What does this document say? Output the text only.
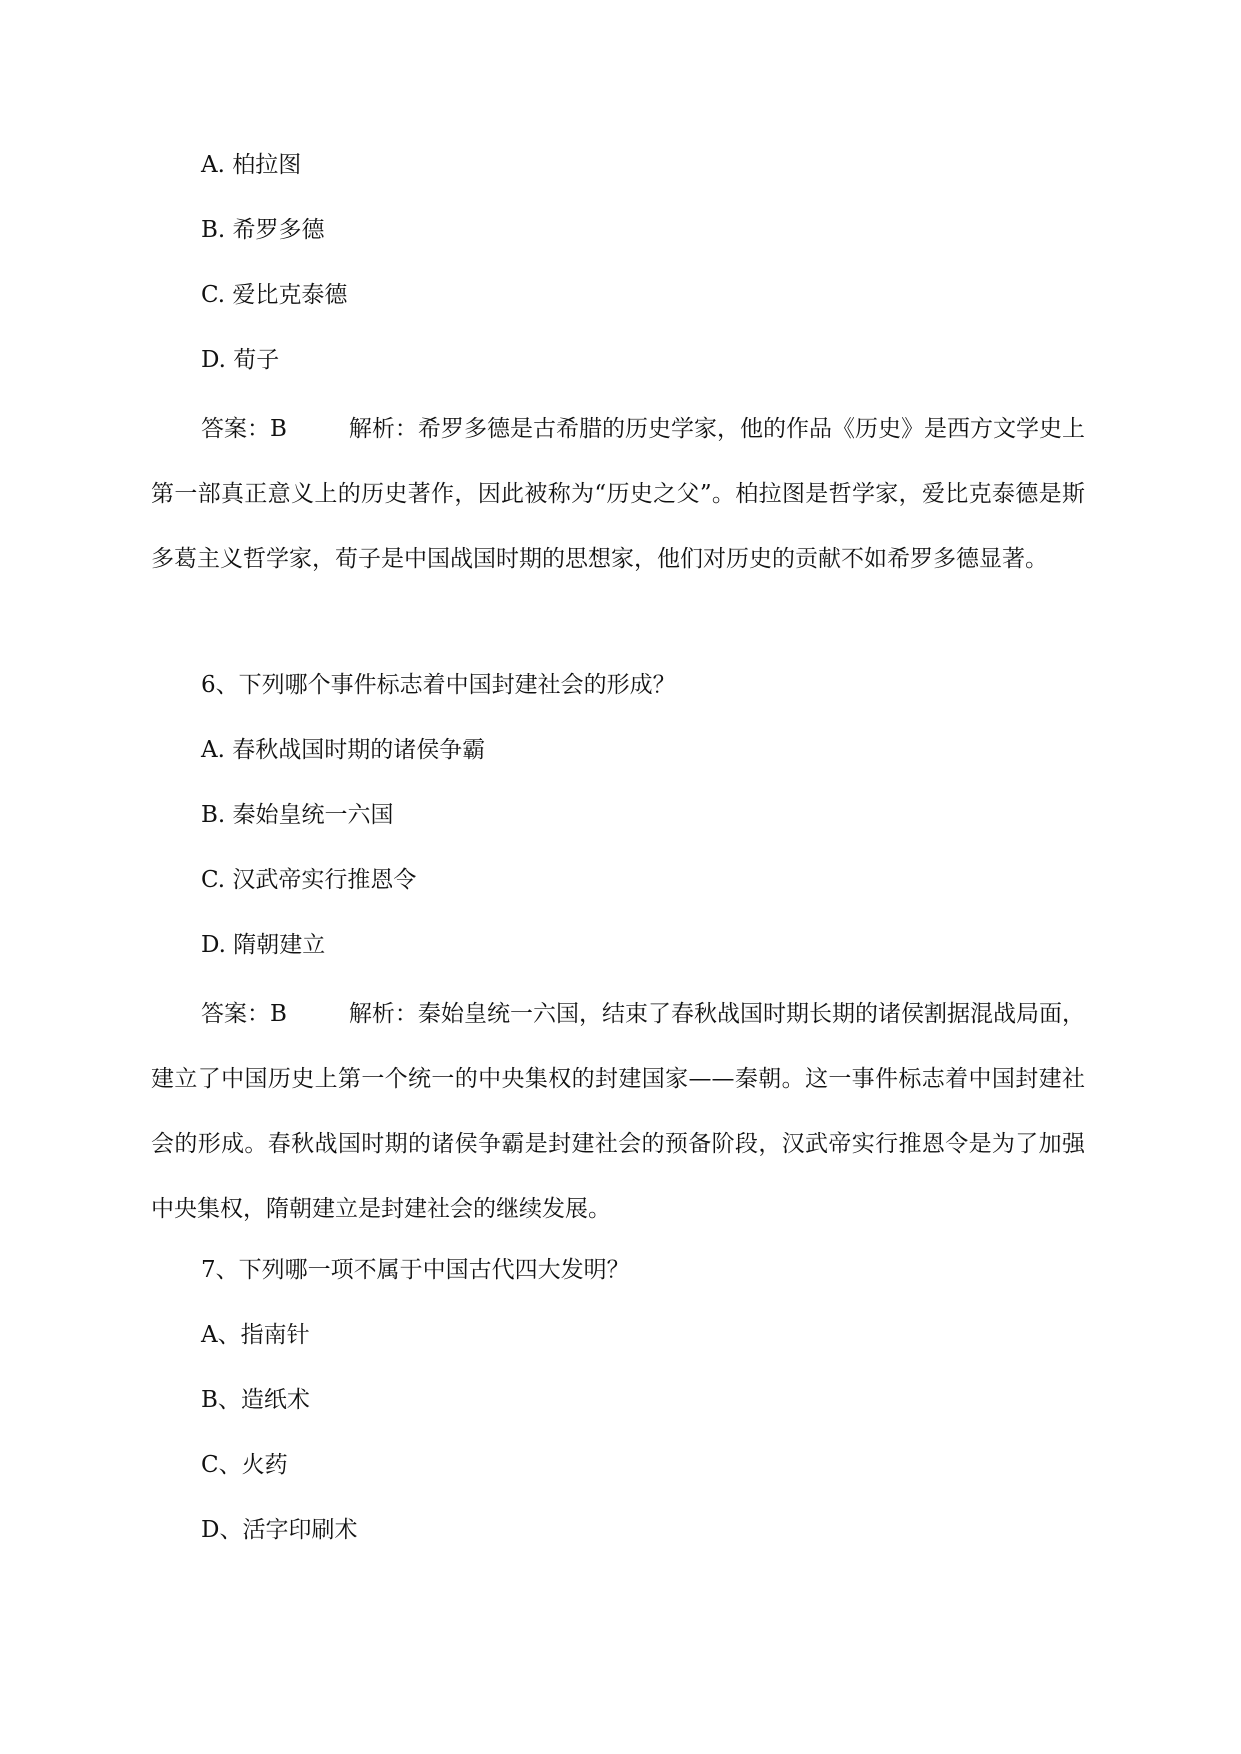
A. 柏拉图
B. 希罗多德
C. 爱比克泰德
D. 荀子
答案：B	解析：希罗多德是古希腊的历史学家，他的作品《历史》是西方文学史上第一部真正意义上的历史著作，因此被称为“历史之父”。柏拉图是哲学家，爱比克泰德是斯多葛主义哲学家，荀子是中国战国时期的思想家，他们对历史的贡献不如希罗多德显著。
6、下列哪个事件标志着中国封建社会的形成？
A. 春秋战国时期的诸侯争霸
B. 秦始皇统一六国
C. 汉武帝实行推恩令
D. 隋朝建立
答案：B	解析：秦始皇统一六国，结束了春秋战国时期长期的诸侯割据混战局面，建立了中国历史上第一个统一的中央集权的封建国家——秦朝。这一事件标志着中国封建社会的形成。春秋战国时期的诸侯争霸是封建社会的预备阶段，汉武帝实行推恩令是为了加强中央集权，隋朝建立是封建社会的继续发展。
7、下列哪一项不属于中国古代四大发明？
A、指南针
B、造纸术
C、火药
D、活字印刷术
